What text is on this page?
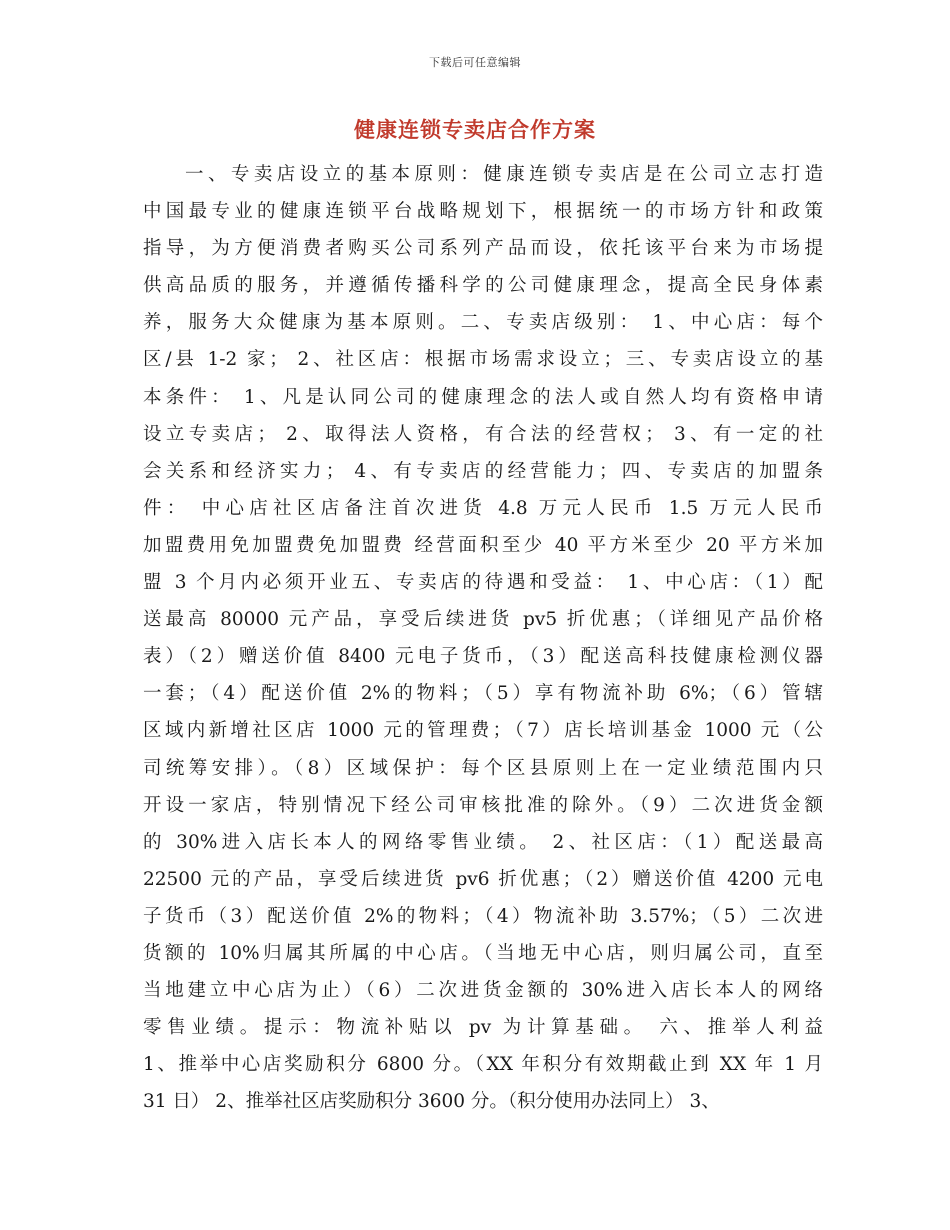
下载后可任意编辑
健康连锁专卖店合作方案
一、专卖店设立的基本原则：健康连锁专卖店是在公司立志打造
中国最专业的健康连锁平台战略规划下，根据统一的市场方针和政策
指导，为方便消费者购买公司系列产品而设，依托该平台来为市场提
供高品质的服务，并遵循传播科学的公司健康理念，提高全民身体素
养，服务大众健康为基本原则。二、专卖店级别： 1、中心店：每个
区/县 1-2 家； 2、社区店：根据市场需求设立；三、专卖店设立的基
本条件： 1、凡是认同公司的健康理念的法人或自然人均有资格申请
设立专卖店； 2、取得法人资格，有合法的经营权； 3、有一定的社
会关系和经济实力； 4、有专卖店的经营能力；四、专卖店的加盟条
件： 中心店社区店备注首次进货 4.8 万元人民币 1.5 万元人民币
加盟费用免加盟费免加盟费 经营面积至少 40 平方米至少 20 平方米加
盟 3 个月内必须开业五、专卖店的待遇和受益： 1、中心店：（1）配
送最高 80000 元产品，享受后续进货 pv5 折优惠；（详细见产品价格
表）（2）赠送价值 8400 元电子货币，（3）配送高科技健康检测仪器
一套；（4）配送价值 2%的物料；（5）享有物流补助 6%；（6）管辖
区域内新增社区店 1000 元的管理费；（7）店长培训基金 1000 元（公
司统筹安排）。（8）区域保护：每个区县原则上在一定业绩范围内只
开设一家店，特别情况下经公司审核批准的除外。（9）二次进货金额
的 30%进入店长本人的网络零售业绩。 2、社区店：（1）配送最高
22500 元的产品，享受后续进货 pv6 折优惠；（2）赠送价值 4200 元电
子货币（3）配送价值 2%的物料；（4）物流补助 3.57%；（5）二次进
货额的 10%归属其所属的中心店。（当地无中心店，则归属公司，直至
当地建立中心店为止）（6）二次进货金额的 30%进入店长本人的网络
零售业绩。提示：物流补贴以 pv 为计算基础。 六、推举人利益
1、推举中心店奖励积分 6800 分。（XX 年积分有效期截止到 XX 年 1 月
31 日） 2、推举社区店奖励积分 3600 分。（积分使用办法同上） 3、
